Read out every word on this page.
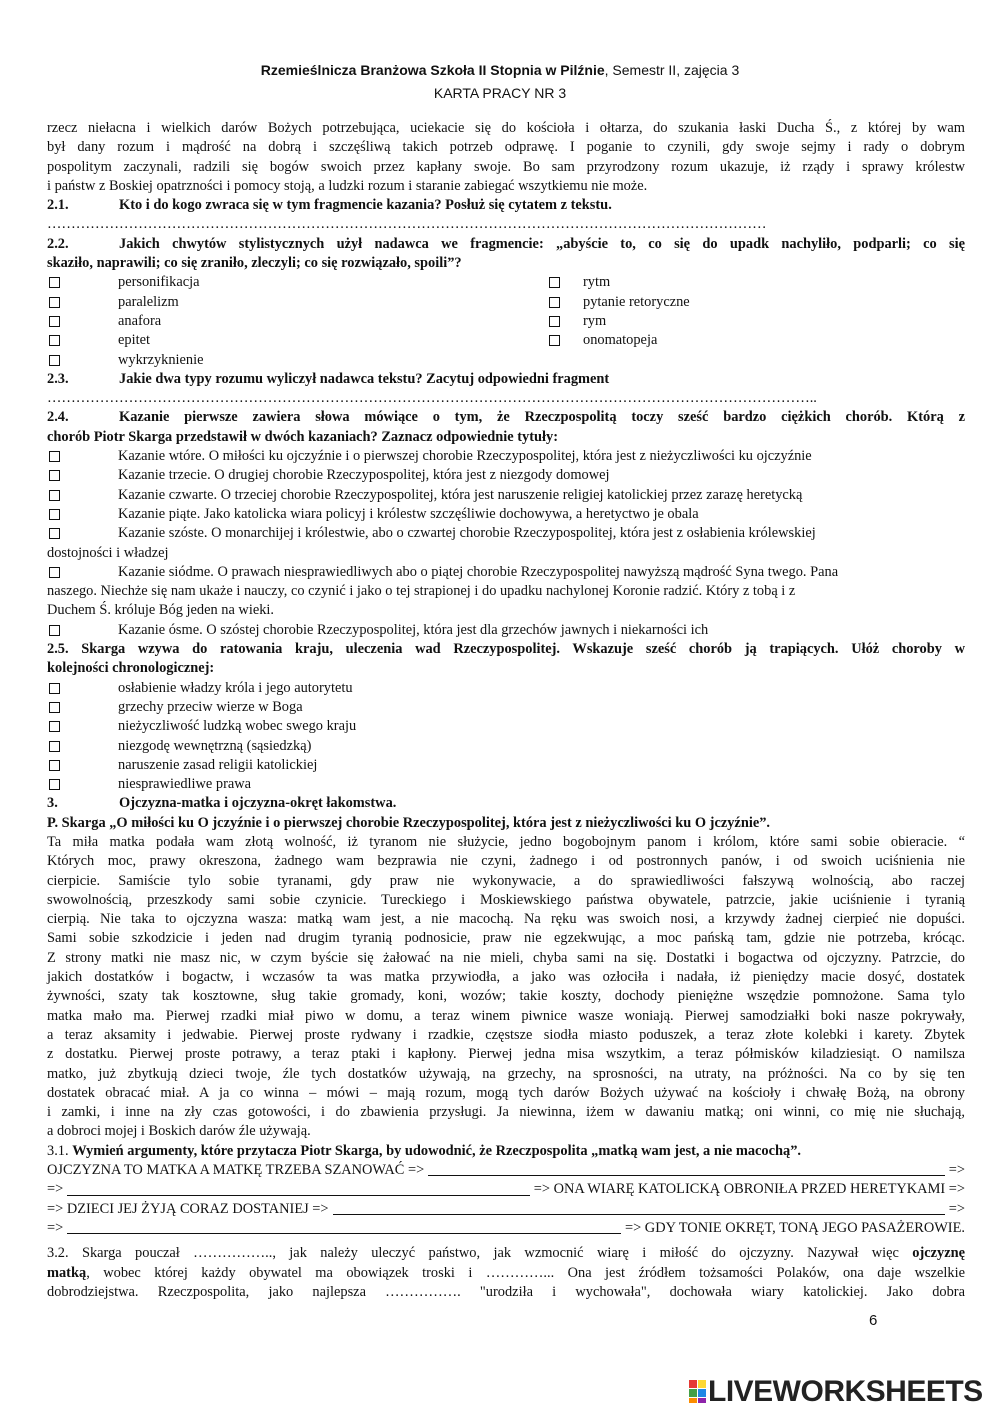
Rzemieślnicza Branżowa Szkoła II Stopnia w Pilźnie, Semestr II, zajęcia 3
KARTA PRACY NR 3
rzecz niełacna i wielkich darów Bożych potrzebująca, uciekacie się do kościoła i ołtarza, do szukania łaski Ducha Ś., z której by wam
był dany rozum i mądrość na dobrą i szczęśliwą takich potrzeb odprawę. I poganie to czynili, gdy swoje sejmy i rady o dobrym
pospolitym zaczynali, radzili się bogów swoich przez kapłany swoje. Bo sam przyrodzony rozum ukazuje, iż rządy i sprawy królestw
i państw z Boskiej opatrzności i pomocy stoją, a ludzki rozum i staranie zabiegać wszytkiemu nie może.
2.1.	Kto i do kogo zwraca się w tym fragmencie kazania? Posłuż się cytatem z tekstu.
……………………………………………………………………………………………………………………………………
2.2.	Jakich chwytów stylistycznych użył nadawca we fragmencie: „abyście to, co się do upadk nachyliło, podparli; co się
skaziło, naprawili; co się zraniło, zleczyli; co się rozwiązało, spoili”?
personifikacja	rytm
paralelizm	pytanie retoryczne
anafora	rym
epitet	onomatopeja
wykrzyknienie
2.3.	Jakie dwa typy rozumu wyliczył nadawca tekstu? Zacytuj odpowiedni fragment
……………………………………………………………………………………………………………………………………………..
2.4.	Kazanie pierwsze zawiera słowa mówiące o tym, że Rzeczpospolitą toczy sześć bardzo ciężkich chorób. Którą z
chorób Piotr Skarga przedstawił w dwóch kazaniach? Zaznacz odpowiednie tytuły:
Kazanie wtóre. O miłości ku ojczyźnie i o pierwszej chorobie Rzeczypospolitej, która jest z nieżyczliwości ku ojczyźnie
Kazanie trzecie. O drugiej chorobie Rzeczypospolitej, która jest z niezgody domowej
Kazanie czwarte. O trzeciej chorobie Rzeczypospolitej, która jest naruszenie religiej katolickiej przez zarazę heretycką
Kazanie piąte. Jako katolicka wiara policyj i królestw szczęśliwie dochowywa, a heretyctwo je obala
Kazanie szóste. O monarchijej i królestwie, abo o czwartej chorobie Rzeczypospolitej, która jest z osłabienia królewskiej
dostojności i władzej
Kazanie siódme. O prawach niesprawiedliwych abo o piątej chorobie Rzeczypospolitej nawyższą mądrość Syna twego. Pana
naszego. Niechże się nam ukaże i nauczy, co czynić i jako o tej strapionej i do upadku nachylonej Koronie radzić. Który z tobą i z
Duchem Ś. króluje Bóg jeden na wieki.
Kazanie ósme. O szóstej chorobie Rzeczypospolitej, która jest dla grzechów jawnych i niekarności ich
2.5. Skarga wzywa do ratowania kraju, uleczenia wad Rzeczypospolitej. Wskazuje sześć chorób ją trapiących. Ułóż choroby w
kolejności chronologicznej:
osłabienie władzy króla i jego autorytetu
grzechy przeciw wierze w Boga
nieżyczliwość ludzką wobec swego kraju
niezgodę wewnętrzną (sąsiedzką)
naruszenie zasad religii katolickiej
niesprawiedliwe prawa
3.	Ojczyzna-matka i ojczyzna-okręt łakomstwa.
P. Skarga „O miłości ku O jczyźnie i o pierwszej chorobie Rzeczypospolitej, która jest z nieżyczliwości ku O jczyźnie”.
Ta miła matka podała wam złotą wolność, iż tyranom nie służycie, jedno bogobojnym panom i królom, które sami sobie obieracie. “
Których moc, prawy okreszona, żadnego wam bezprawia nie czyni, żadnego i od postronnych panów, i od swoich uciśnienia nie
cierpicie. Samiście tylo sobie tyranami, gdy praw nie wykonywacie, a do sprawiedliwości fałszywą wolnością, abo raczej
swowolnością, przeszkody sami sobie czynicie. Tureckiego i Moskiewskiego państwa obywatele, patrzcie, jakie uciśnienie i tyranią
cierpią. Nie taka to ojczyzna wasza: matką wam jest, a nie macochą. Na ręku was swoich nosi, a krzywdy żadnej cierpieć nie dopuści.
Sami sobie szkodzicie i jeden nad drugim tyranią podnosicie, praw nie egzekwując, a moc pańską tam, gdzie nie potrzeba, krócąc.
Z strony matki nie masz nic, w czym byście się żałować na nie mieli, chyba sami na się. Dostatki i bogactwa od ojczyzny. Patrzcie, do
jakich dostatków i bogactw, i wczasów ta was matka przywiodła, a jako was ozłociła i nadała, iż pieniędzy macie dosyć, dostatek
żywności, szaty tak kosztowne, sług takie gromady, koni, wozów; takie koszty, dochody pieniężne wszędzie pomnożone. Sama tylo
matka mało ma. Pierwej rzadki miał piwo w domu, a teraz winem piwnice wasze woniają. Pierwej samodziałki boki nasze pokrywały,
a teraz aksamity i jedwabie. Pierwej proste rydwany i rzadkie, częstsze siodła miasto poduszek, a teraz złote kolebki i karety. Zbytek
z dostatku. Pierwej proste potrawy, a teraz ptaki i kapłony. Pierwej jedna misa wszytkim, a teraz półmisków kiladziesiąt. O namilsza
matko, już zbytkują dzieci twoje, źle tych dostatków używają, na grzechy, na sprosności, na utraty, na próżności. Na co by się ten
dostatek obracać miał. A ja co winna – mówi – mają rozum, mogą tych darów Bożych używać na kościoły i chwałę Bożą, na obrony
i zamki, i inne na zły czas gotowości, i do zbawienia przysługi. Ja niewinna, iżem w dawaniu matką; oni winni, co mię nie słuchają,
a dobroci mojej i Boskich darów źle używają.
3.1. Wymień argumenty, które przytacza Piotr Skarga, by udowodnić, że Rzeczpospolita „matką wam jest, a nie macochą”.
OJCZYZNA TO MATKA A MATKĘ TRZEBA SZANOWAĆ =>	=>
=>	=> ONA WIARĘ KATOLICKĄ OBRONIŁA PRZED HERETYKAMI =>
=> DZIECI JEJ ŻYJĄ CORAZ DOSTANIEJ =>	=>
=>	=> GDY TONIE OKRĘT, TONĄ JEGO PASAŻEROWIE.
3.2. Skarga pouczał …………….., jak należy uleczyć państwo, jak wzmocnić wiarę i miłość do ojczyzny. Nazywał więc ojczyznę
matką, wobec której każdy obywatel ma obowiązek troski i …………... Ona jest źródłem tożsamości Polaków, ona daje wszelkie
dobrodziejstwa. Rzeczpospolita, jako najlepsza ……………. "urodziła i wychowała", dochowała wiary katolickiej. Jako dobra
6
LIVEWORKSHEETS
